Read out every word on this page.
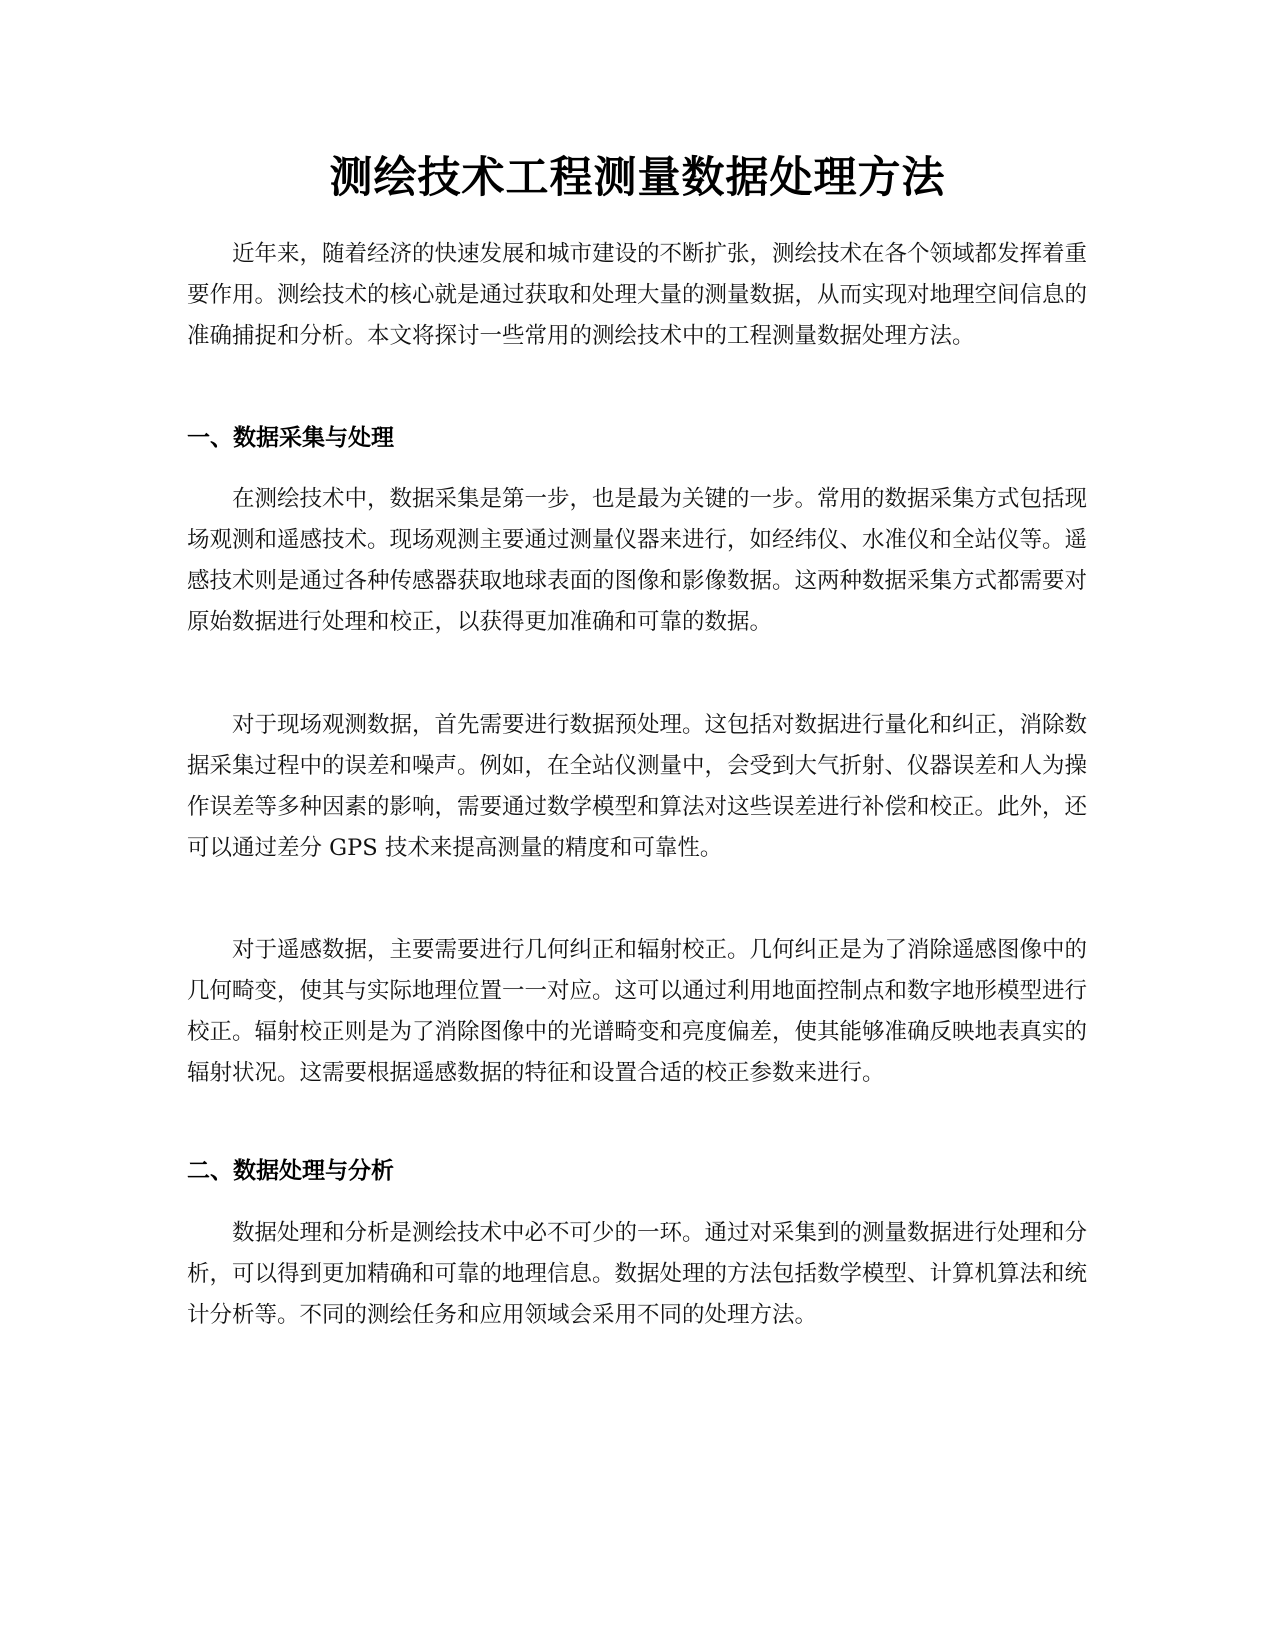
测绘技术工程测量数据处理方法

近年来，随着经济的快速发展和城市建设的不断扩张，测绘技术在各个领域都发挥着重要作用。测绘技术的核心就是通过获取和处理大量的测量数据，从而实现对地理空间信息的准确捕捉和分析。本文将探讨一些常用的测绘技术中的工程测量数据处理方法。

一、数据采集与处理

在测绘技术中，数据采集是第一步，也是最为关键的一步。常用的数据采集方式包括现场观测和遥感技术。现场观测主要通过测量仪器来进行，如经纬仪、水准仪和全站仪等。遥感技术则是通过各种传感器获取地球表面的图像和影像数据。这两种数据采集方式都需要对原始数据进行处理和校正，以获得更加准确和可靠的数据。

对于现场观测数据，首先需要进行数据预处理。这包括对数据进行量化和纠正，消除数据采集过程中的误差和噪声。例如，在全站仪测量中，会受到大气折射、仪器误差和人为操作误差等多种因素的影响，需要通过数学模型和算法对这些误差进行补偿和校正。此外，还可以通过差分 GPS 技术来提高测量的精度和可靠性。

对于遥感数据，主要需要进行几何纠正和辐射校正。几何纠正是为了消除遥感图像中的几何畸变，使其与实际地理位置一一对应。这可以通过利用地面控制点和数字地形模型进行校正。辐射校正则是为了消除图像中的光谱畸变和亮度偏差，使其能够准确反映地表真实的辐射状况。这需要根据遥感数据的特征和设置合适的校正参数来进行。

二、数据处理与分析

数据处理和分析是测绘技术中必不可少的一环。通过对采集到的测量数据进行处理和分析，可以得到更加精确和可靠的地理信息。数据处理的方法包括数学模型、计算机算法和统计分析等。不同的测绘任务和应用领域会采用不同的处理方法。
